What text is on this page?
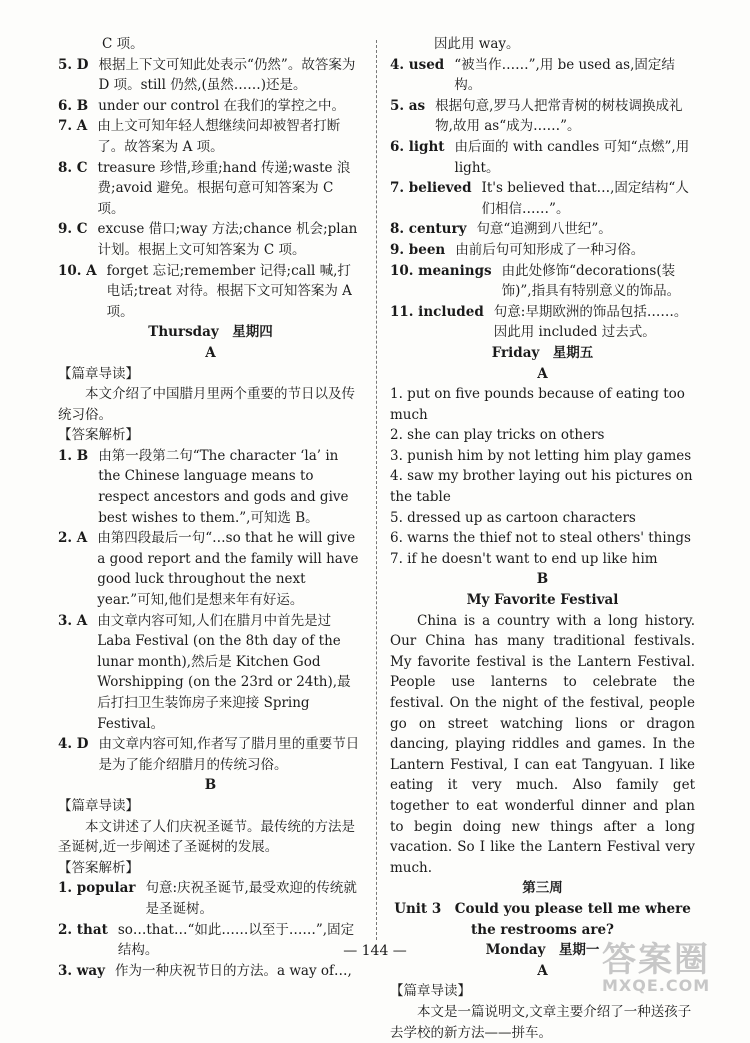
C 项。
5. D 根据上下文可知此处表示“仍然”。故答案为 D 项。still 仍然,(虽然……)还是。
6. B under our control 在我们的掌控之中。
7. A 由上文可知年轻人想继续问却被智者打断了。故答案为 A 项。
8. C treasure 珍惜,珍重;hand 传递;waste 浪费;avoid 避免。根据句意可知答案为 C 项。
9. C excuse 借口;way 方法;chance 机会;plan 计划。根据上文可知答案为 C 项。
10. A forget 忘记;remember 记得;call 喊,打电话;treat 对待。根据下文可知答案为 A 项。
Thursday　星期四
A
【篇章导读】
本文介绍了中国腊月里两个重要的节日以及传统习俗。
【答案解析】
1. B 由第一段第二句“The character ‘la’ in the Chinese language means to respect ancestors and gods and give best wishes to them.”,可知选 B。
2. A 由第四段最后一句“…so that he will give a good report and the family will have good luck throughout the next year.”可知,他们是想来年有好运。
3. A 由文章内容可知,人们在腊月中首先是过 Laba Festival (on the 8th day of the lunar month),然后是 Kitchen God Worshipping (on the 23rd or 24th),最后打扫卫生装饰房子来迎接 Spring Festival。
4. D 由文章内容可知,作者写了腊月里的重要节日是为了能介绍腊月的传统习俗。
B
【篇章导读】
本文讲述了人们庆祝圣诞节。最传统的方法是圣诞树,近一步阐述了圣诞树的发展。
【答案解析】
1. popular 句意:庆祝圣诞节,最受欢迎的传统就是圣诞树。
2. that so…that…“如此……以至于……”,固定结构。
3. way 作为一种庆祝节日的方法。a way of…,
因此用 way。
4. used “被当作……”,用 be used as,固定结构。
5. as 根据句意,罗马人把常青树的树枝调换成礼物,故用 as“成为……”。
6. light 由后面的 with candles 可知“点燃”,用 light。
7. believed It's believed that…,固定结构“人们相信……”。
8. century 句意“追溯到八世纪”。
9. been 由前后句可知形成了一种习俗。
10. meanings 由此处修饰“decorations(装饰)”,指具有特别意义的饰品。
11. included 句意:早期欧洲的饰品包括……。因此用 included 过去式。
Friday　星期五
A
1. put on five pounds because of eating too much
2. she can play tricks on others
3. punish him by not letting him play games
4. saw my brother laying out his pictures on the table
5. dressed up as cartoon characters
6. warns the thief not to steal others' things
7. if he doesn't want to end up like him
B
My Favorite Festival
China is a country with a long history. Our China has many traditional festivals. My favorite festival is the Lantern Festival. People use lanterns to celebrate the festival. On the night of the festival, people go on street watching lions or dragon dancing, playing riddles and games. In the Lantern Festival, I can eat Tangyuan. I like eating it very much. Also family get together to eat wonderful dinner and plan to begin doing new things after a long vacation. So I like the Lantern Festival very much.
第三周
Unit 3　Could you please tell me where
the restrooms are?
Monday　星期一
A
【篇章导读】
本文是一篇说明文,文章主要介绍了一种送孩子去学校的新方法——拼车。
— 144 —	答案圈
MXQE.COM
